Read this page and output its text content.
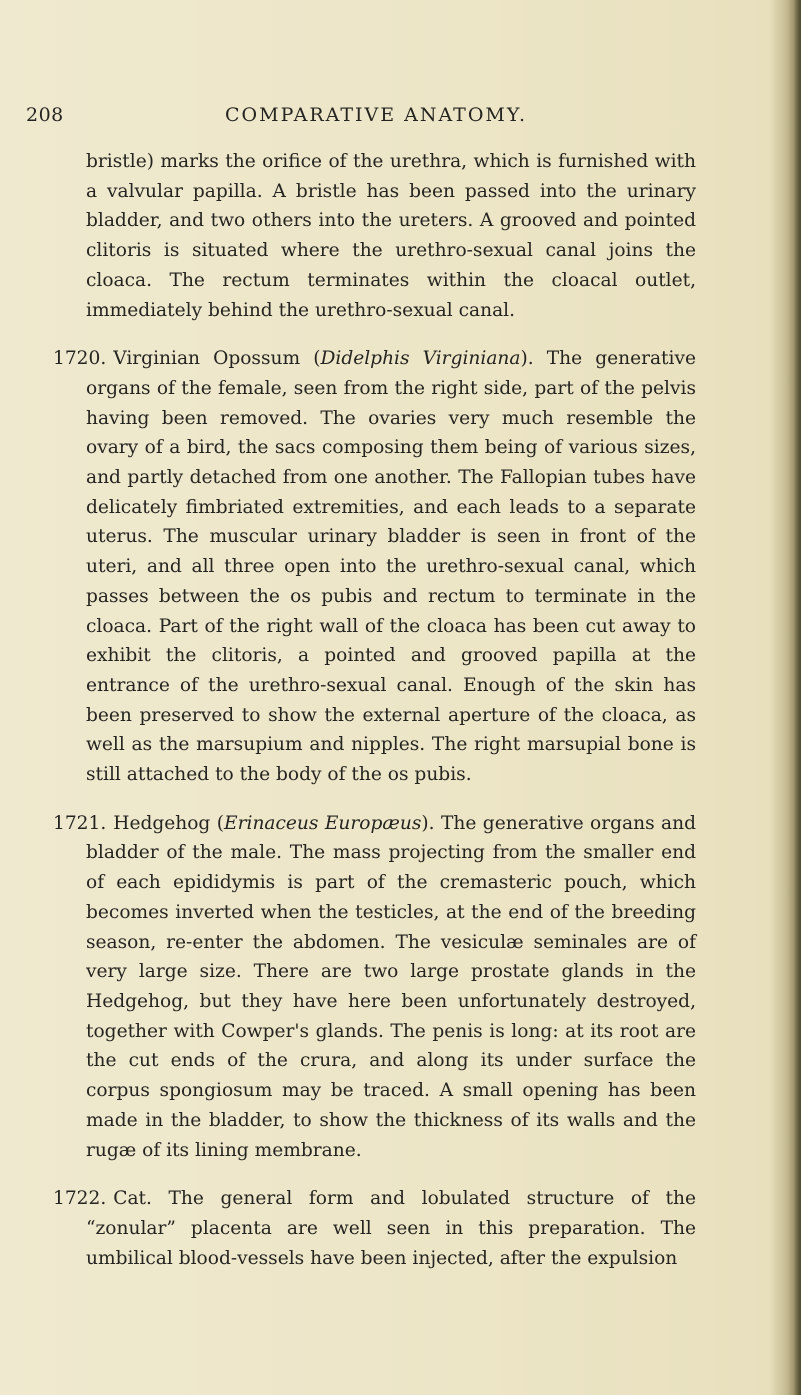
208	COMPARATIVE ANATOMY.

bristle) marks the orifice of the urethra, which is furnished with a valvular papilla. A bristle has been passed into the urinary bladder, and two others into the ureters. A grooved and pointed clitoris is situated where the urethro-sexual canal joins the cloaca. The rectum terminates within the cloacal outlet, immediately behind the urethro-sexual canal.

1720. Virginian Opossum (Didelphis Virginiana). The generative organs of the female, seen from the right side, part of the pelvis having been removed. The ovaries very much resemble the ovary of a bird, the sacs composing them being of various sizes, and partly detached from one another. The Fallopian tubes have delicately fimbriated extremities, and each leads to a separate uterus. The muscular urinary bladder is seen in front of the uteri, and all three open into the urethro-sexual canal, which passes between the os pubis and rectum to terminate in the cloaca. Part of the right wall of the cloaca has been cut away to exhibit the clitoris, a pointed and grooved papilla at the entrance of the urethro-sexual canal. Enough of the skin has been preserved to show the external aperture of the cloaca, as well as the marsupium and nipples. The right marsupial bone is still attached to the body of the os pubis.

1721. Hedgehog (Erinaceus Europæus). The generative organs and bladder of the male. The mass projecting from the smaller end of each epididymis is part of the cremasteric pouch, which becomes inverted when the testicles, at the end of the breeding season, re-enter the abdomen. The vesiculæ seminales are of very large size. There are two large prostate glands in the Hedgehog, but they have here been unfortunately destroyed, together with Cowper's glands. The penis is long: at its root are the cut ends of the crura, and along its under surface the corpus spongiosum may be traced. A small opening has been made in the bladder, to show the thickness of its walls and the rugæ of its lining membrane.

1722. Cat. The general form and lobulated structure of the “zonular” placenta are well seen in this preparation. The umbilical blood-vessels have been injected, after the expulsion
